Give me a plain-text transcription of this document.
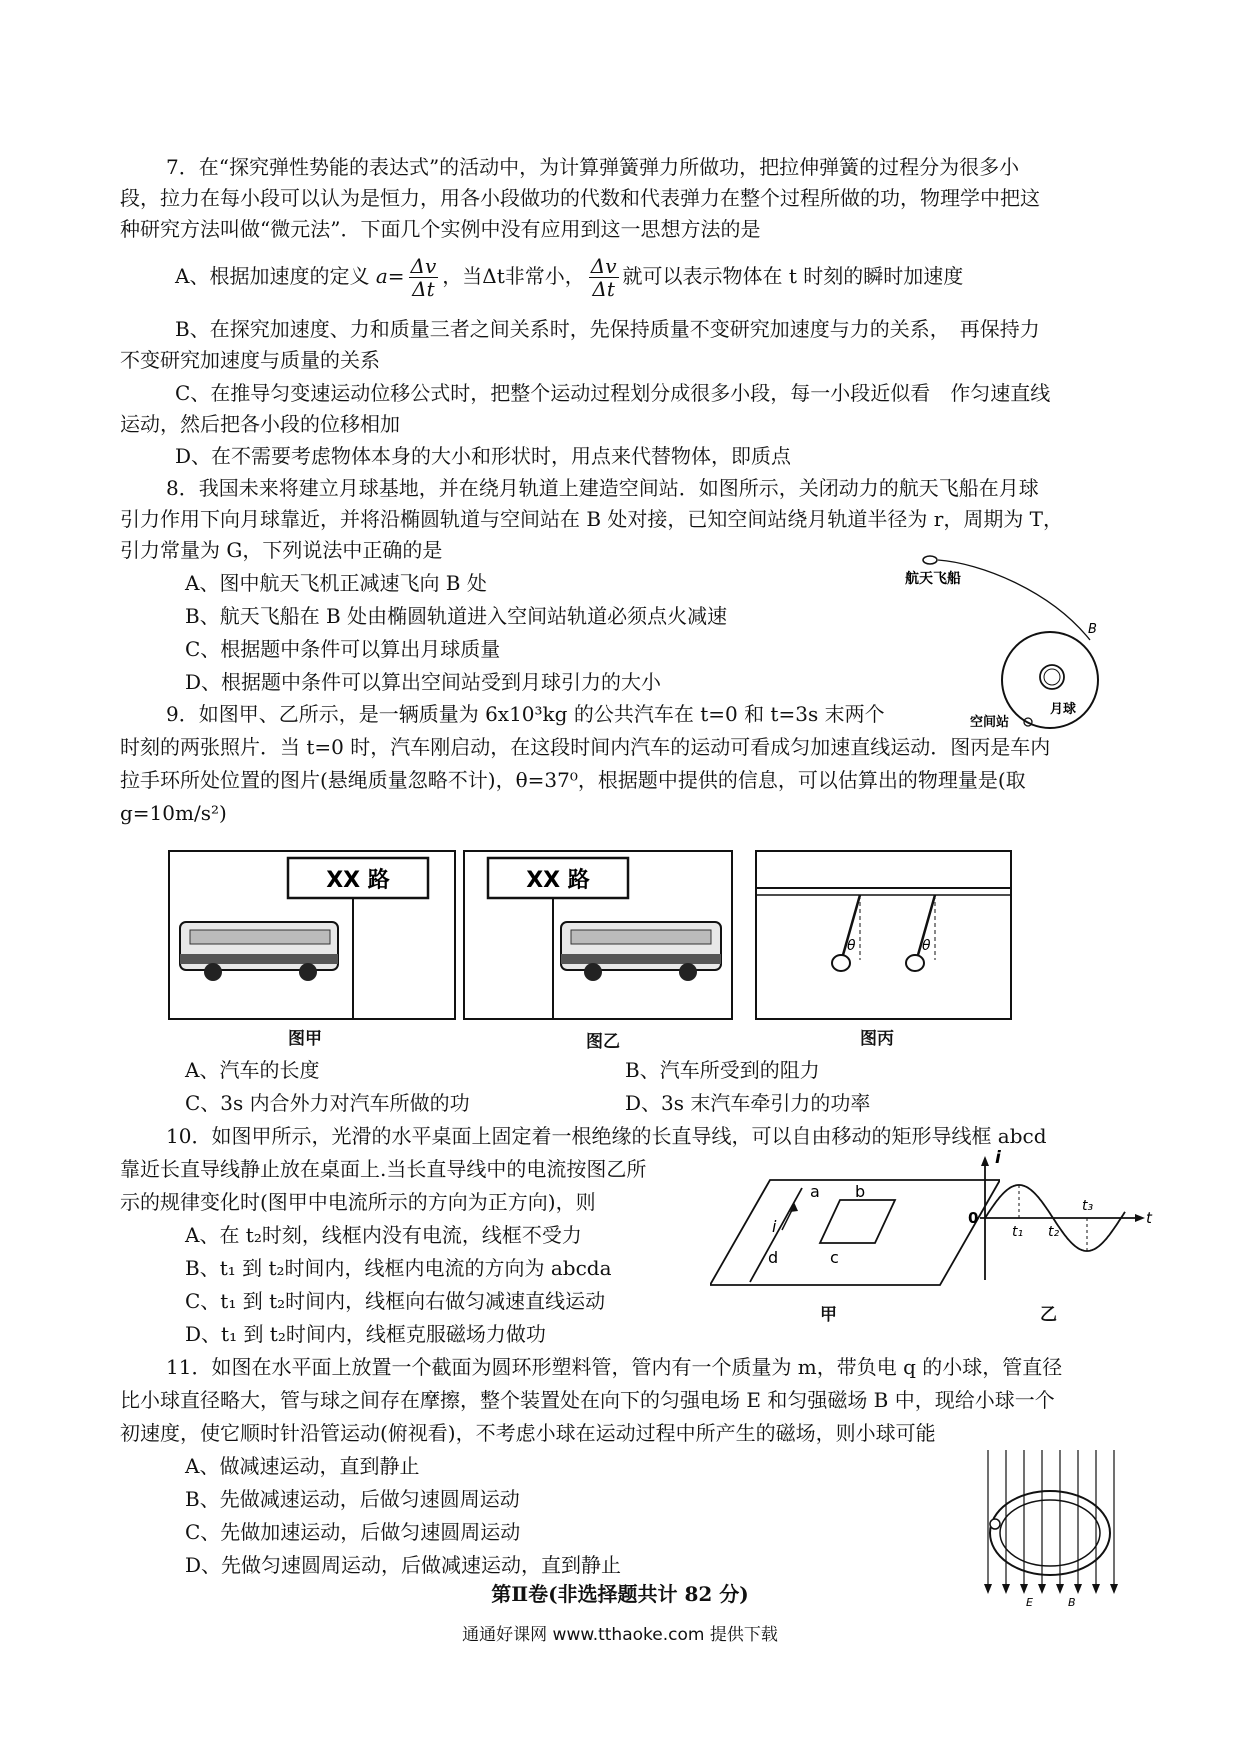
7．在“探究弹性势能的表达式”的活动中，为计算弹簧弹力所做功，把拉伸弹簧的过程分为很多小
段，拉力在每小段可以认为是恒力，用各小段做功的代数和代表弹力在整个过程所做的功，物理学中把这
种研究方法叫做“微元法”．下面几个实例中没有应用到这一思想方法的是
A、根据加速度的定义 $a= \frac{\Delta v}{\Delta t}$ ，当Δt非常小， $\frac{\Delta v}{\Delta t}$ 就可以表示物体在 t 时刻的瞬时加速度
B、在探究加速度、力和质量三者之间关系时，先保持质量不变研究加速度与力的关系，　再保持力
不变研究加速度与质量的关系
C、在推导匀变速运动位移公式时，把整个运动过程划分成很多小段，每一小段近似看　作匀速直线
运动，然后把各小段的位移相加
D、在不需要考虑物体本身的大小和形状时，用点来代替物体，即质点
8．我国未来将建立月球基地，并在绕月轨道上建造空间站．如图所示，关闭动力的航天飞船在月球
引力作用下向月球靠近，并将沿椭圆轨道与空间站在 B 处对接，已知空间站绕月轨道半径为 r，周期为 T，
引力常量为 G，下列说法中正确的是
A、图中航天飞机正减速飞向 B 处
B、航天飞船在 B 处由椭圆轨道进入空间站轨道必须点火减速
C、根据题中条件可以算出月球质量
D、根据题中条件可以算出空间站受到月球引力的大小
航天飞船
B
空间站
月球
9．如图甲、乙所示，是一辆质量为 6x10³kg 的公共汽车在 t=0 和 t=3s 末两个
时刻的两张照片．当 t=0 时，汽车刚启动，在这段时间内汽车的运动可看成匀加速直线运动．图丙是车内
拉手环所处位置的图片(悬绳质量忽略不计)，θ=37⁰，根据题中提供的信息，可以估算出的物理量是(取
g=10m/s²)
XX 路
图甲
XX 路
图乙
θ	θ
图丙
A、汽车的长度	B、汽车所受到的阻力
C、3s 内合外力对汽车所做的功	D、3s 末汽车牵引力的功率
10．如图甲所示，光滑的水平桌面上固定着一根绝缘的长直导线，可以自由移动的矩形导线框 abcd
靠近长直导线静止放在桌面上.当长直导线中的电流按图乙所
示的规律变化时(图甲中电流所示的方向为正方向)，则
A、在 t₂时刻，线框内没有电流，线框不受力
B、t₁ 到 t₂时间内，线框内电流的方向为 abcda
C、t₁ 到 t₂时间内，线框向右做匀减速直线运动
D、t₁ 到 t₂时间内，线框克服磁场力做功
i
a b
c
d
甲
i
0
t₁ t₂
t₃
t
乙
11．如图在水平面上放置一个截面为圆环形塑料管，管内有一个质量为 m，带负电 q 的小球，管直径
比小球直径略大，管与球之间存在摩擦，整个装置处在向下的匀强电场 E 和匀强磁场 B 中，现给小球一个
初速度，使它顺时针沿管运动(俯视看)，不考虑小球在运动过程中所产生的磁场，则小球可能
A、做减速运动，直到静止
B、先做减速运动，后做匀速圆周运动
C、先做加速运动，后做匀速圆周运动
D、先做匀速圆周运动，后做减速运动，直到静止
E	B
第Ⅱ卷(非选择题共计 82 分)
通通好课网 www.tthaoke.com 提供下载
